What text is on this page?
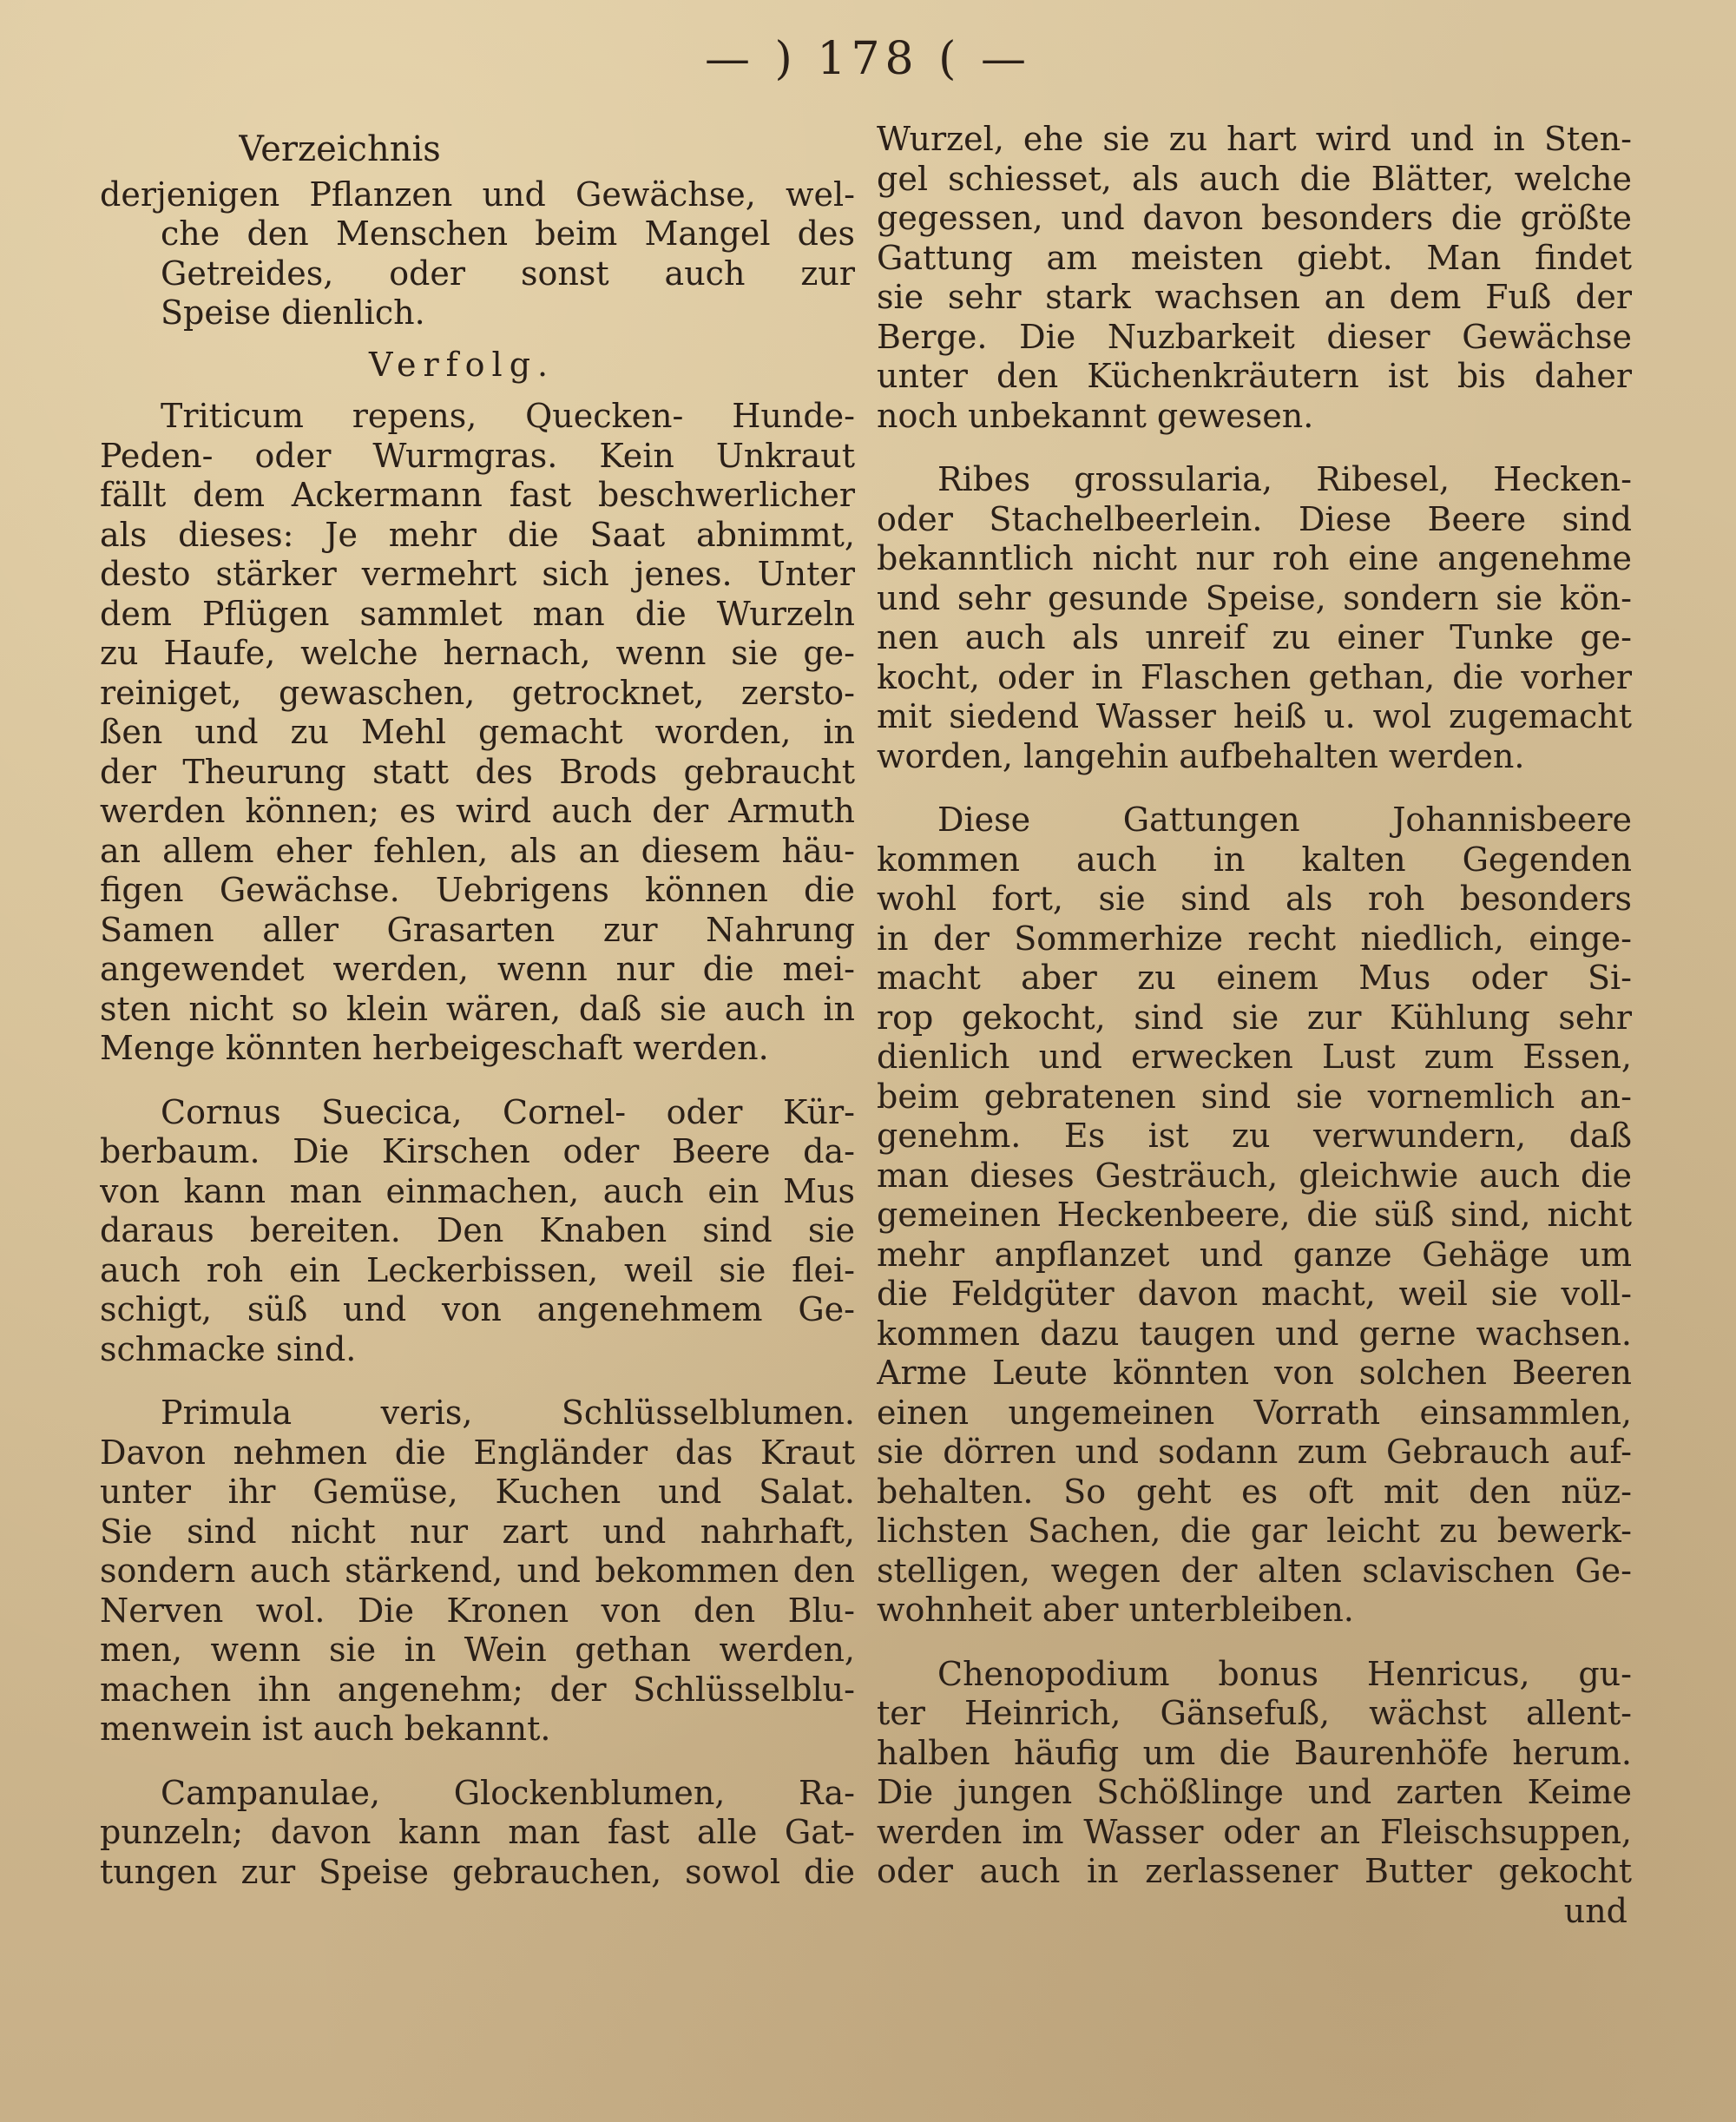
— ) 178 ( —
Verzeichnis
derjenigen Pflanzen und Gewächse, wel-
che den Menschen beim Mangel des
Getreides, oder sonst auch zur
Speise dienlich.
Verfolg.
Triticum repens, Quecken- Hunde-
Peden- oder Wurmgras. Kein Unkraut
fällt dem Ackermann fast beschwerlicher
als dieses: Je mehr die Saat abnimmt,
desto stärker vermehrt sich jenes. Unter
dem Pflügen sammlet man die Wurzeln
zu Haufe, welche hernach, wenn sie ge-
reiniget, gewaschen, getrocknet, zersto-
ßen und zu Mehl gemacht worden, in
der Theurung statt des Brods gebraucht
werden können; es wird auch der Armuth
an allem eher fehlen, als an diesem häu-
figen Gewächse. Uebrigens können die
Samen aller Grasarten zur Nahrung
angewendet werden, wenn nur die mei-
sten nicht so klein wären, daß sie auch in
Menge könnten herbeigeschaft werden.
Cornus Suecica, Cornel- oder Kür-
berbaum. Die Kirschen oder Beere da-
von kann man einmachen, auch ein Mus
daraus bereiten. Den Knaben sind sie
auch roh ein Leckerbissen, weil sie flei-
schigt, süß und von angenehmem Ge-
schmacke sind.
Primula veris, Schlüsselblumen.
Davon nehmen die Engländer das Kraut
unter ihr Gemüse, Kuchen und Salat.
Sie sind nicht nur zart und nahrhaft,
sondern auch stärkend, und bekommen den
Nerven wol. Die Kronen von den Blu-
men, wenn sie in Wein gethan werden,
machen ihn angenehm; der Schlüsselblu-
menwein ist auch bekannt.
Campanulae, Glockenblumen, Ra-
punzeln; davon kann man fast alle Gat-
tungen zur Speise gebrauchen, sowol die
Wurzel, ehe sie zu hart wird und in Sten-
gel schiesset, als auch die Blätter, welche
gegessen, und davon besonders die größte
Gattung am meisten giebt. Man findet
sie sehr stark wachsen an dem Fuß der
Berge. Die Nuzbarkeit dieser Gewächse
unter den Küchenkräutern ist bis daher
noch unbekannt gewesen.
Ribes grossularia, Ribesel, Hecken-
oder Stachelbeerlein. Diese Beere sind
bekanntlich nicht nur roh eine angenehme
und sehr gesunde Speise, sondern sie kön-
nen auch als unreif zu einer Tunke ge-
kocht, oder in Flaschen gethan, die vorher
mit siedend Wasser heiß u. wol zugemacht
worden, langehin aufbehalten werden.
Diese Gattungen Johannisbeere
kommen auch in kalten Gegenden
wohl fort, sie sind als roh besonders
in der Sommerhize recht niedlich, einge-
macht aber zu einem Mus oder Si-
rop gekocht, sind sie zur Kühlung sehr
dienlich und erwecken Lust zum Essen,
beim gebratenen sind sie vornemlich an-
genehm. Es ist zu verwundern, daß
man dieses Gesträuch, gleichwie auch die
gemeinen Heckenbeere, die süß sind, nicht
mehr anpflanzet und ganze Gehäge um
die Feldgüter davon macht, weil sie voll-
kommen dazu taugen und gerne wachsen.
Arme Leute könnten von solchen Beeren
einen ungemeinen Vorrath einsammlen,
sie dörren und sodann zum Gebrauch auf-
behalten. So geht es oft mit den nüz-
lichsten Sachen, die gar leicht zu bewerk-
stelligen, wegen der alten sclavischen Ge-
wohnheit aber unterbleiben.
Chenopodium bonus Henricus, gu-
ter Heinrich, Gänsefuß, wächst allent-
halben häufig um die Baurenhöfe herum.
Die jungen Schößlinge und zarten Keime
werden im Wasser oder an Fleischsuppen,
oder auch in zerlassener Butter gekocht
und
